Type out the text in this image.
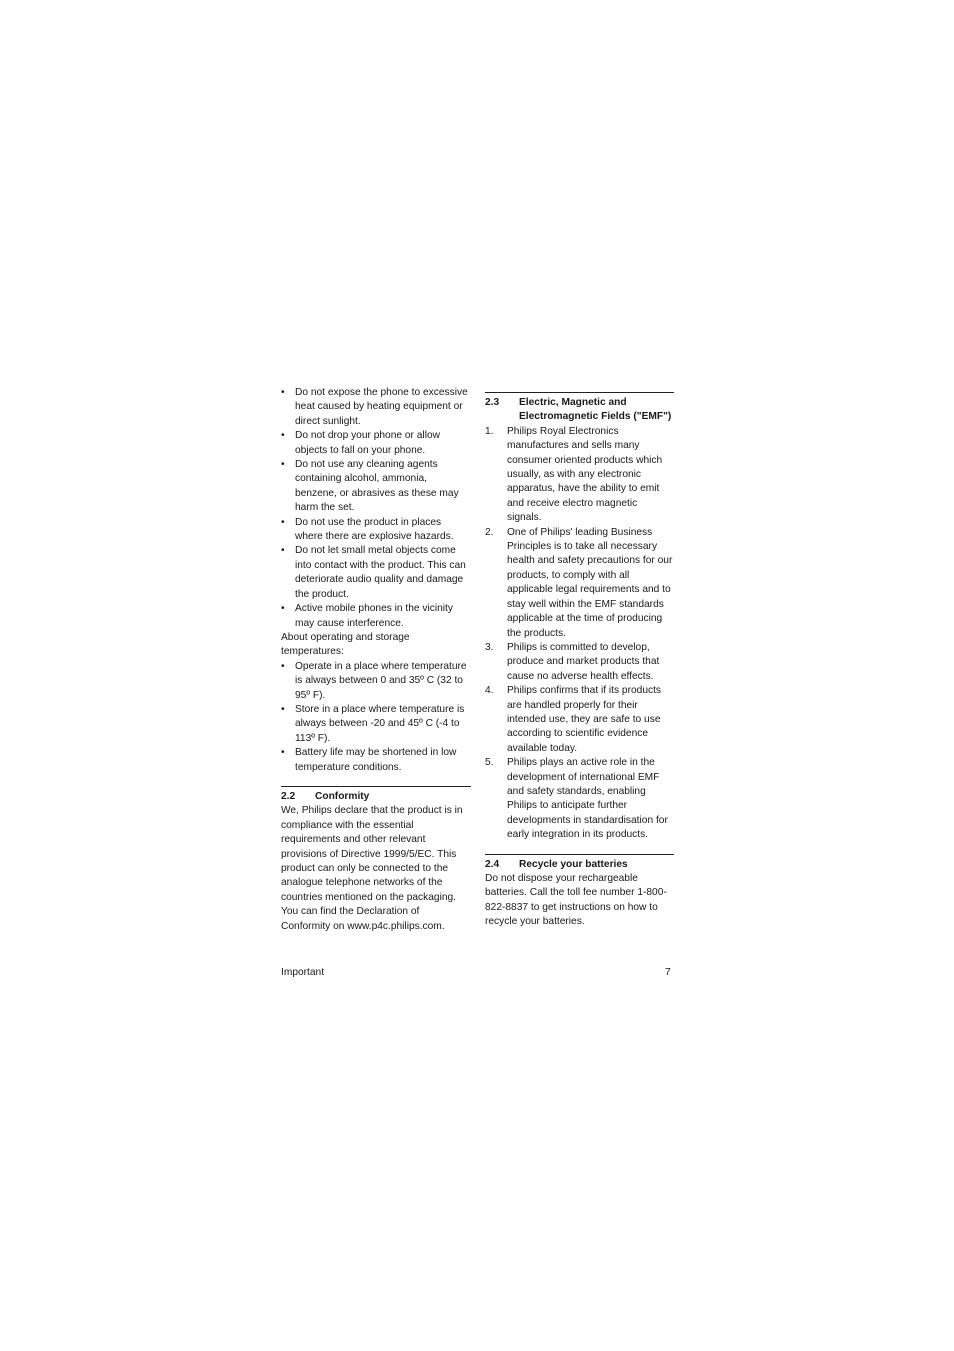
• Do not expose the phone to excessive heat caused by heating equipment or direct sunlight.
• Do not drop your phone or allow objects to fall on your phone.
• Do not use any cleaning agents containing alcohol, ammonia, benzene, or abrasives as these may harm the set.
• Do not use the product in places where there are explosive hazards.
• Do not let small metal objects come into contact with the product. This can deteriorate audio quality and damage the product.
• Active mobile phones in the vicinity may cause interference.

About operating and storage temperatures:

• Operate in a place where temperature is always between 0 and 35º C (32 to 95º F).
• Store in a place where temperature is always between -20 and 45º C (-4 to 113º F).
• Battery life may be shortened in low temperature conditions.

2.2	Conformity

We, Philips declare that the product is in compliance with the essential requirements and other relevant provisions of Directive 1999/5/EC. This product can only be connected to the analogue telephone networks of the countries mentioned on the packaging. You can find the Declaration of Conformity on www.p4c.philips.com.

2.3	Electric, Magnetic and Electromagnetic Fields ("EMF")

1.	Philips Royal Electronics manufactures and sells many consumer oriented products which usually, as with any electronic apparatus, have the ability to emit and receive electro magnetic signals.
2.	One of Philips' leading Business Principles is to take all necessary health and safety precautions for our products, to comply with all applicable legal requirements and to stay well within the EMF standards applicable at the time of producing the products.
3.	Philips is committed to develop, produce and market products that cause no adverse health effects.
4.	Philips confirms that if its products are handled properly for their intended use, they are safe to use according to scientific evidence available today.
5.	Philips plays an active role in the development of international EMF and safety standards, enabling Philips to anticipate further developments in standardisation for early integration in its products.

2.4	Recycle your batteries

Do not dispose your rechargeable batteries. Call the toll fee number 1-800-822-8837 to get instructions on how to recycle your batteries.

Important	7
